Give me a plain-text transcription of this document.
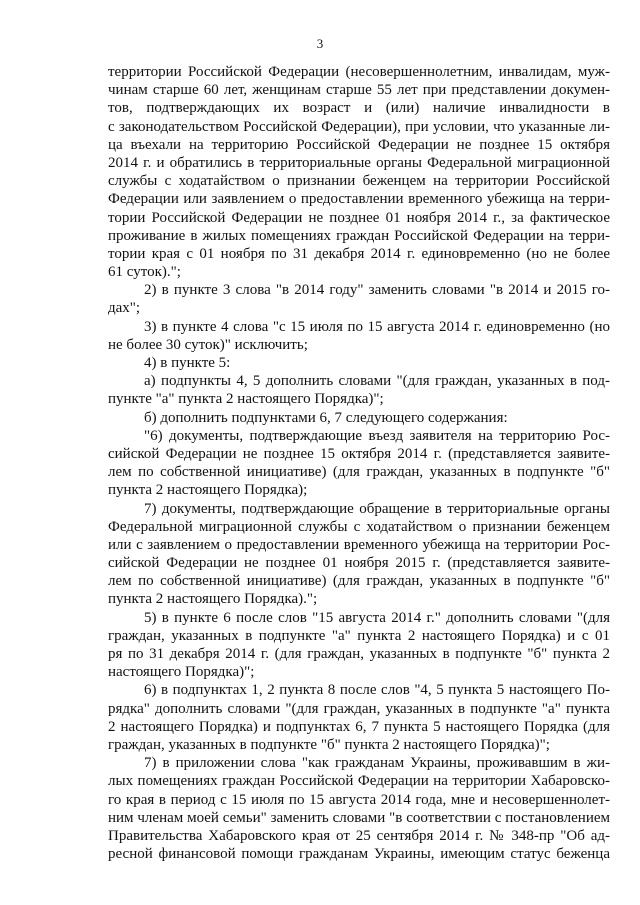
3
территории Российской Федерации (несовершеннолетним, инвалидам, муж-
чинам старше 60 лет, женщинам старше 55 лет при представлении докумен-
тов, подтверждающих их возраст и (или) наличие инвалидности в
с законодательством Российской Федерации), при условии, что указанные ли-
ца въехали на территорию Российской Федерации не позднее 15 октября
2014 г. и обратились в территориальные органы Федеральной миграционной
службы с ходатайством о признании беженцем на территории Российской
Федерации или заявлением о предоставлении временного убежища на терри-
тории Российской Федерации не позднее 01 ноября 2014 г., за фактическое
проживание в жилых помещениях граждан Российской Федерации на терри-
тории края с 01 ноября по 31 декабря 2014 г. единовременно (но не более
61 суток).";
2) в пункте 3 слова "в 2014 году" заменить словами "в 2014 и 2015 го-
дах";
3) в пункте 4 слова "с 15 июля по 15 августа 2014 г. единовременно (но
не более 30 суток)" исключить;
4) в пункте 5:
а) подпункты 4, 5 дополнить словами "(для граждан, указанных в под-
пункте "а" пункта 2 настоящего Порядка)";
б) дополнить подпунктами 6, 7 следующего содержания:
"6) документы, подтверждающие въезд заявителя на территорию Рос-
сийской Федерации не позднее 15 октября 2014 г. (представляется заявите-
лем по собственной инициативе) (для граждан, указанных в подпункте "б"
пункта 2 настоящего Порядка);
7) документы, подтверждающие обращение в территориальные органы
Федеральной миграционной службы с ходатайством о признании беженцем
или с заявлением о предоставлении временного убежища на территории Рос-
сийской Федерации не позднее 01 ноября 2015 г. (представляется заявите-
лем по собственной инициативе) (для граждан, указанных в подпункте "б"
пункта 2 настоящего Порядка).";
5) в пункте 6 после слов "15 августа 2014 г." дополнить словами "(для
граждан, указанных в подпункте "а" пункта 2 настоящего Порядка) и с 01
ря по 31 декабря 2014 г. (для граждан, указанных в подпункте "б" пункта 2
настоящего Порядка)";
6) в подпунктах 1, 2 пункта 8 после слов "4, 5 пункта 5 настоящего По-
рядка" дополнить словами "(для граждан, указанных в подпункте "а" пункта
2 настоящего Порядка) и подпунктах 6, 7 пункта 5 настоящего Порядка (для
граждан, указанных в подпункте "б" пункта 2 настоящего Порядка)";
7) в приложении слова "как гражданам Украины, проживавшим в жи-
лых помещениях граждан Российской Федерации на территории Хабаровско-
го края в период с 15 июля по 15 августа 2014 года, мне и несовершеннолет-
ним членам моей семьи" заменить словами "в соответствии с постановлением
Правительства Хабаровского края от 25 сентября 2014 г. № 348-пр "Об ад-
ресной финансовой помощи гражданам Украины, имеющим статус беженца
